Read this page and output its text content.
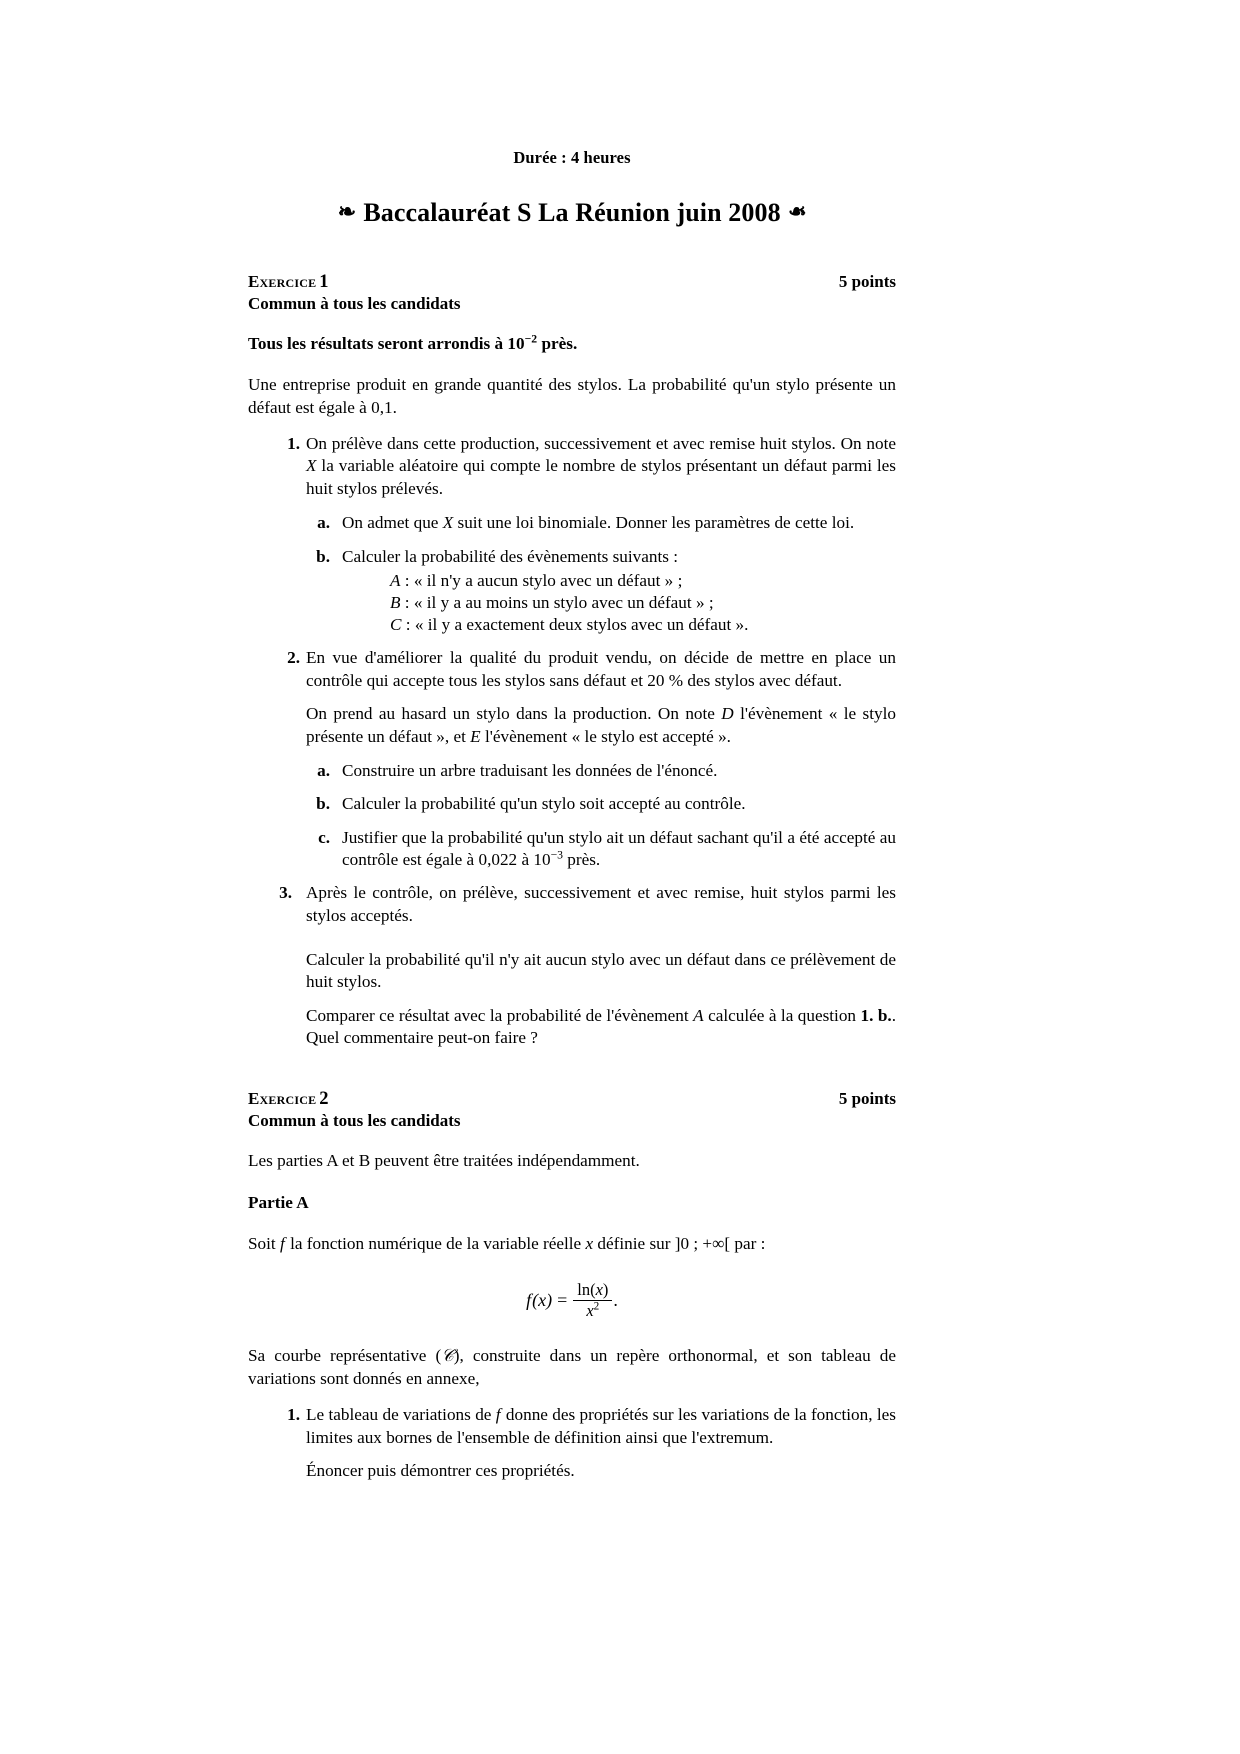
Durée : 4 heures
❧ Baccalauréat S La Réunion juin 2008 ❧
Exercice 1	5 points
Commun à tous les candidats

Tous les résultats seront arrondis à $10^{-2}$ près.

Une entreprise produit en grande quantité des stylos. La probabilité qu'un stylo présente un défaut est égale à 0,1.

1. On prélève dans cette production, successivement et avec remise huit stylos. On note X la variable aléatoire qui compte le nombre de stylos présentant un défaut parmi les huit stylos prélevés.
a. On admet que X suit une loi binomiale. Donner les paramètres de cette loi.
b. Calculer la probabilité des évènements suivants :
A : « il n'y a aucun stylo avec un défaut » ;
B : « il y a au moins un stylo avec un défaut » ;
C : « il y a exactement deux stylos avec un défaut ».
2. En vue d'améliorer la qualité du produit vendu, on décide de mettre en place un contrôle qui accepte tous les stylos sans défaut et 20 % des stylos avec défaut.

On prend au hasard un stylo dans la production. On note D l'évènement « le stylo présente un défaut », et E l'évènement « le stylo est accepté ».

a. Construire un arbre traduisant les données de l'énoncé.
b. Calculer la probabilité qu'un stylo soit accepté au contrôle.
c. Justifier que la probabilité qu'un stylo ait un défaut sachant qu'il a été accepté au contrôle est égale à 0,022 à $10^{-3}$ près.
3. Après le contrôle, on prélève, successivement et avec remise, huit stylos parmi les stylos acceptés.

Calculer la probabilité qu'il n'y ait aucun stylo avec un défaut dans ce prélèvement de huit stylos.

Comparer ce résultat avec la probabilité de l'évènement A calculée à la question 1. b.. Quel commentaire peut-on faire ?

Exercice 2	5 points
Commun à tous les candidats

Les parties A et B peuvent être traitées indépendamment.

Partie A

Soit f la fonction numérique de la variable réelle x définie sur ]0 ; +∞[ par :

$f(x) = \frac{\ln(x)}{x^2}$ .

Sa courbe représentative (𝒞), construite dans un repère orthonormal, et son tableau de variations sont donnés en annexe,

1. Le tableau de variations de f donne des propriétés sur les variations de la fonction, les limites aux bornes de l'ensemble de définition ainsi que l'extremum.

Énoncer puis démontrer ces propriétés.
